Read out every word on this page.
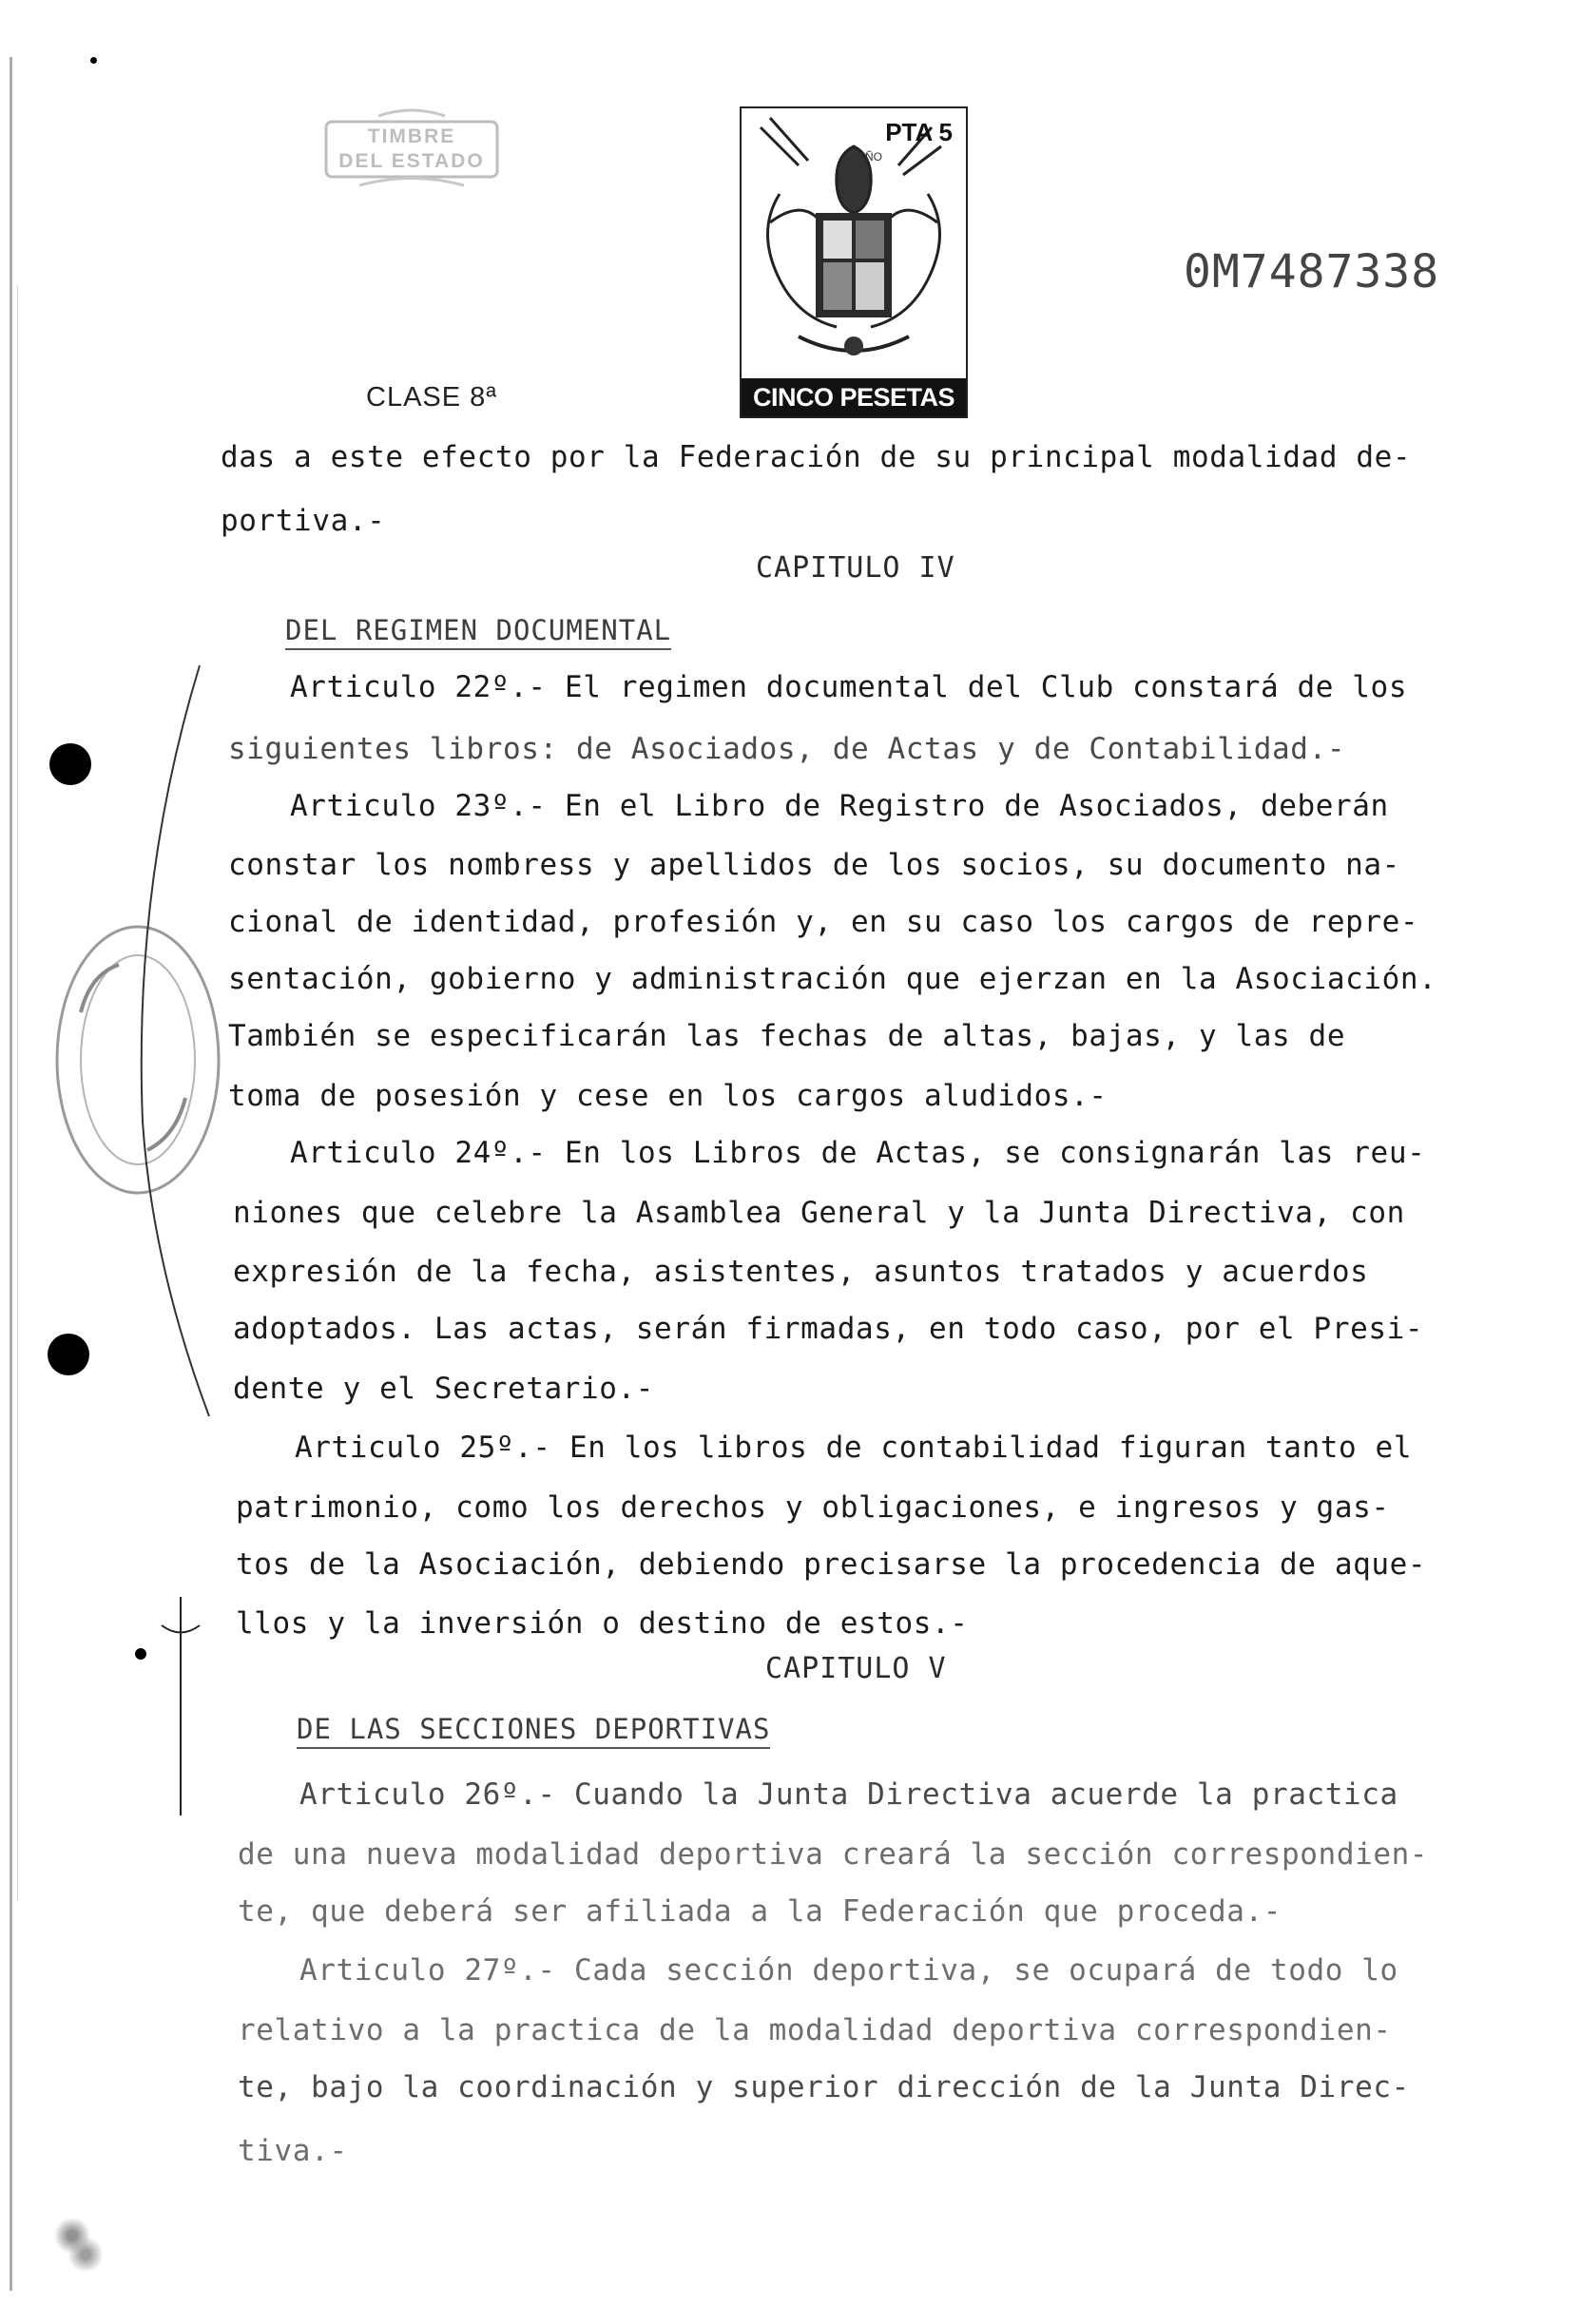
TIMBRE
DEL ESTADO
PTA 5
AÑO
CINCO PESETAS
0M7487338
CLASE 8ª
das a este efecto por la Federación de su principal modalidad de-
portiva.-
CAPITULO IV
DEL REGIMEN DOCUMENTAL
Articulo 22º.- El regimen documental del Club constará de los
siguientes libros: de Asociados, de Actas y de Contabilidad.-
Articulo 23º.- En el Libro de Registro de Asociados, deberán
constar los nombress y apellidos de los socios, su documento na-
cional de identidad, profesión y, en su caso los cargos de repre-
sentación, gobierno y administración que ejerzan en la Asociación.
También se especificarán las fechas de altas, bajas, y las de
toma de posesión y cese en los cargos aludidos.-
Articulo 24º.- En los Libros de Actas, se consignarán las reu-
niones que celebre la Asamblea General y la Junta Directiva, con
expresión de la fecha, asistentes, asuntos tratados y acuerdos
adoptados. Las actas, serán firmadas, en todo caso, por el Presi-
dente y el Secretario.-
Articulo 25º.- En los libros de contabilidad figuran tanto el
patrimonio, como los derechos y obligaciones, e ingresos y gas-
tos de la Asociación, debiendo precisarse la procedencia de aque-
llos y la inversión o destino de estos.-
CAPITULO V
DE LAS SECCIONES DEPORTIVAS
Articulo 26º.- Cuando la Junta Directiva acuerde la practica
de una nueva modalidad deportiva creará la sección correspondien-
te, que deberá ser afiliada a la Federación que proceda.-
Articulo 27º.- Cada sección deportiva, se ocupará de todo lo
relativo a la practica de la modalidad deportiva correspondien-
te, bajo la coordinación y superior dirección de la Junta Direc-
tiva.-
